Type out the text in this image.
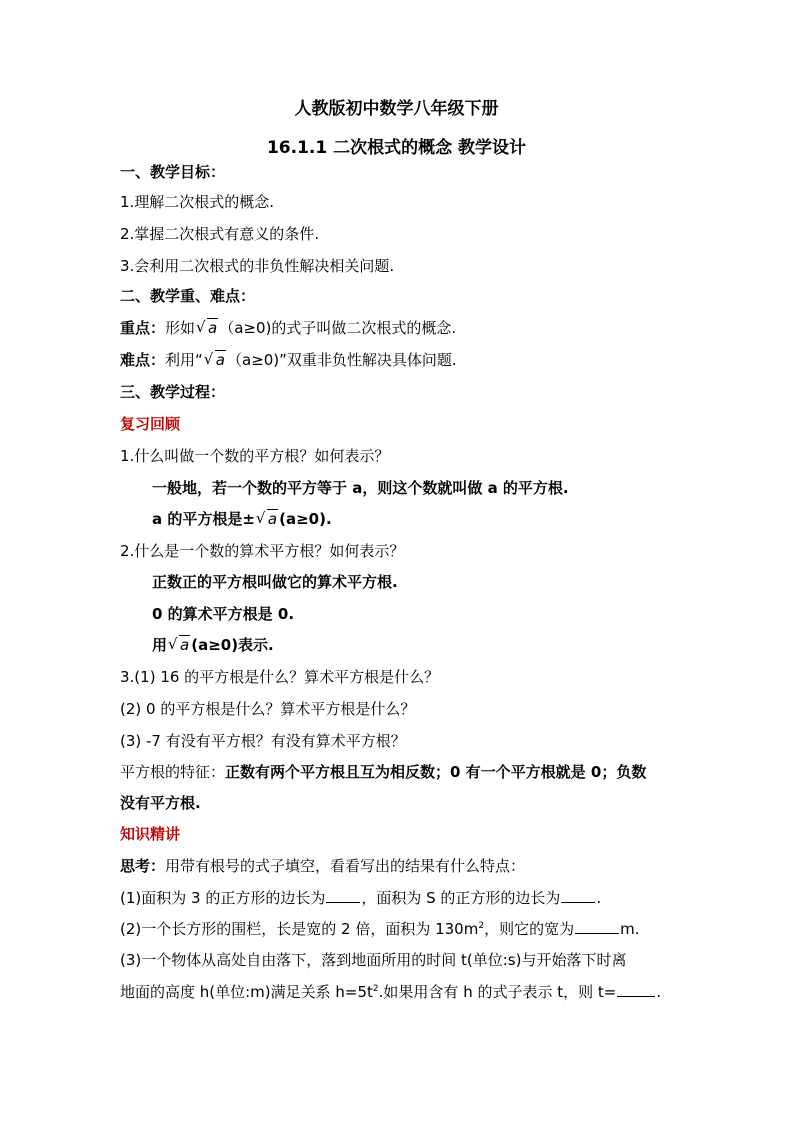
人教版初中数学八年级下册
16.1.1 二次根式的概念 教学设计
一、教学目标：
1.理解二次根式的概念.
2.掌握二次根式有意义的条件.
3.会利用二次根式的非负性解决相关问题.
二、教学重、难点：
重点：形如 √ a （a≥0)的式子叫做二次根式的概念.
难点：利用“ √ a （a≥0)”双重非负性解决具体问题.
三、教学过程：
复习回顾
1.什么叫做一个数的平方根？如何表示？
一般地，若一个数的平方等于 a，则这个数就叫做 a 的平方根.
a 的平方根是± √ a (a≥0).
2.什么是一个数的算术平方根？如何表示？
正数正的平方根叫做它的算术平方根.
0 的算术平方根是 0.
用 √ a (a≥0)表示.
3.(1) 16 的平方根是什么？算术平方根是什么？
(2) 0 的平方根是什么？算术平方根是什么？
(3) -7 有没有平方根？有没有算术平方根？
平方根的特征：正数有两个平方根且互为相反数；0 有一个平方根就是 0；负数
没有平方根.
知识精讲
思考：用带有根号的式子填空，看看写出的结果有什么特点：
(1)面积为 3 的正方形的边长为 ，面积为 S 的正方形的边长为 .
(2)一个长方形的围栏，长是宽的 2 倍，面积为 $130m^2$，则它的宽为	m.
(3)一个物体从高处自由落下，落到地面所用的时间 t(单位:s)与开始落下时离
地面的高度 h(单位:m)满足关系 $h=5t^2$.如果用含有 h 的式子表示 t，则 t=	.
